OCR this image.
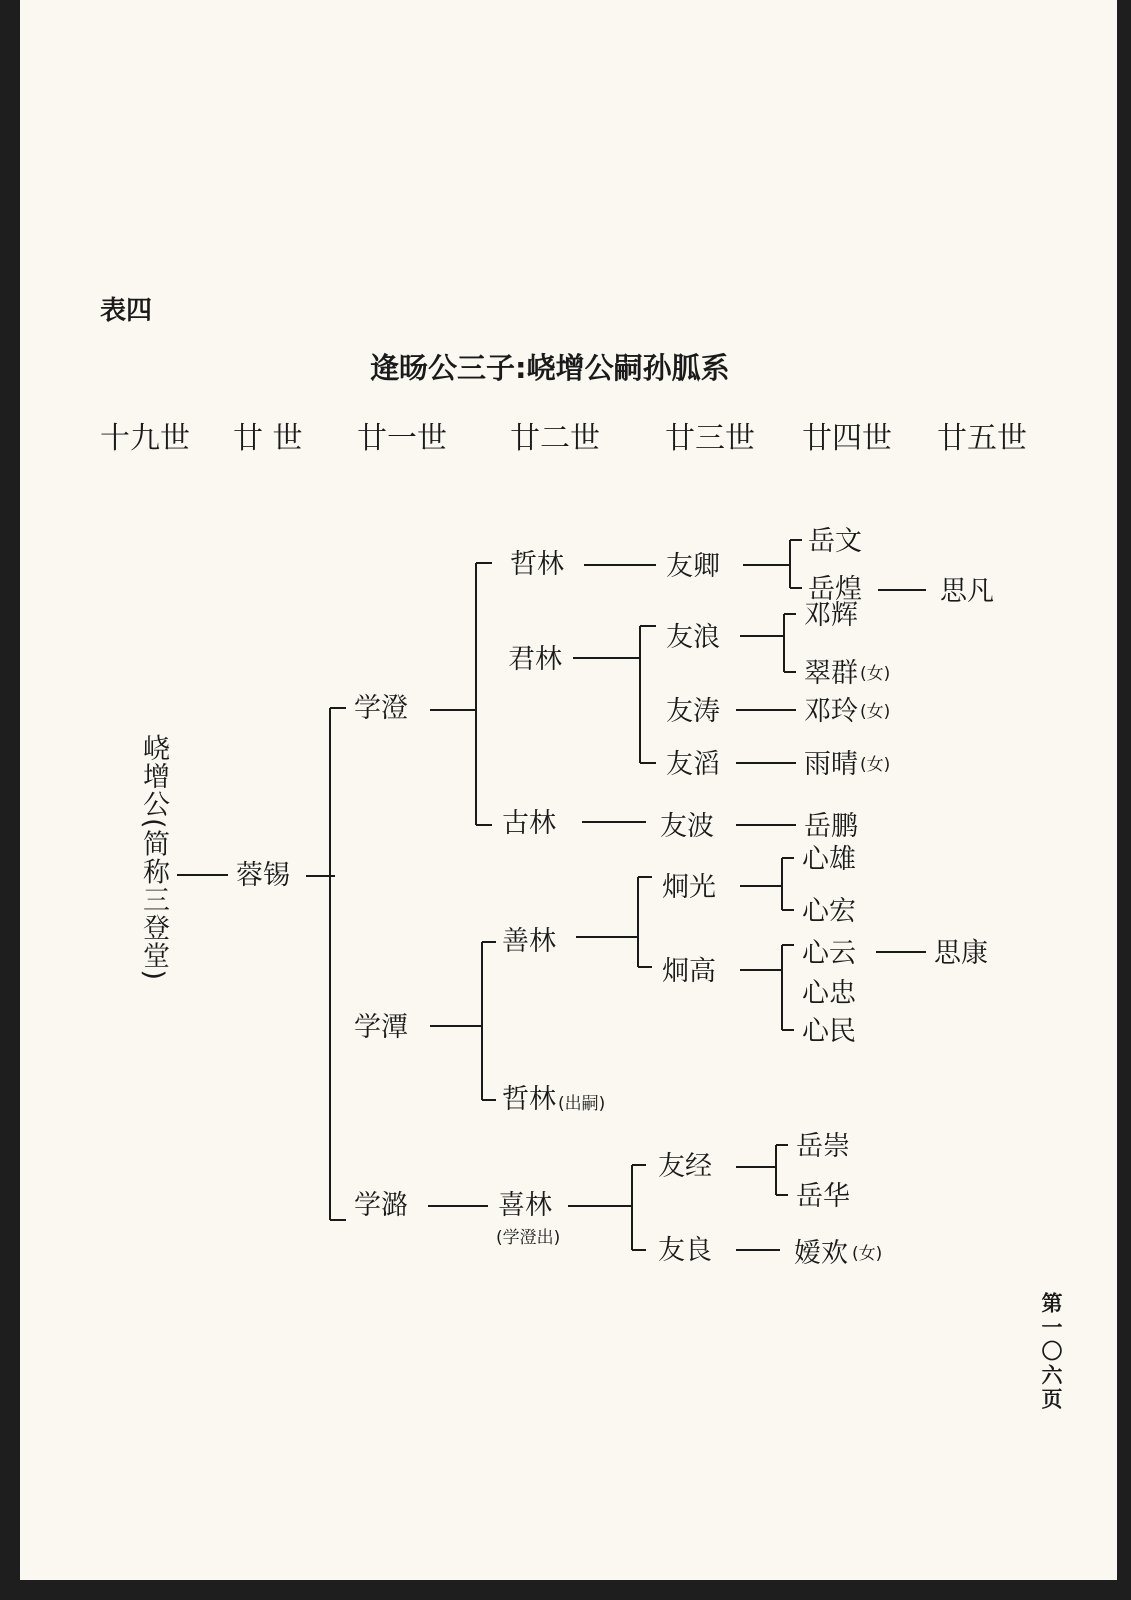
表四
逄旸公三子:峣增公嗣孙胍系
十九世 廿 世 廿一世 廿二世 廿三世 廿四世 廿五世
峣增公(简称三登堂) 蓉锡
学澄
学潭
学潞
哲林
君林
古林
善林
哲林 (出嗣)
喜林
(学澄出)
友卿
友浪
友涛
友滔
友波
炯光
炯高
友经
友良
岳文
岳煌
邓辉
翠群 (女)
邓玲 (女)
雨晴 (女)
岳鹏
心雄
心宏
心云
心忠
心民
岳崇
岳华
嫒欢 (女)
思凡
思康
第一〇六页
